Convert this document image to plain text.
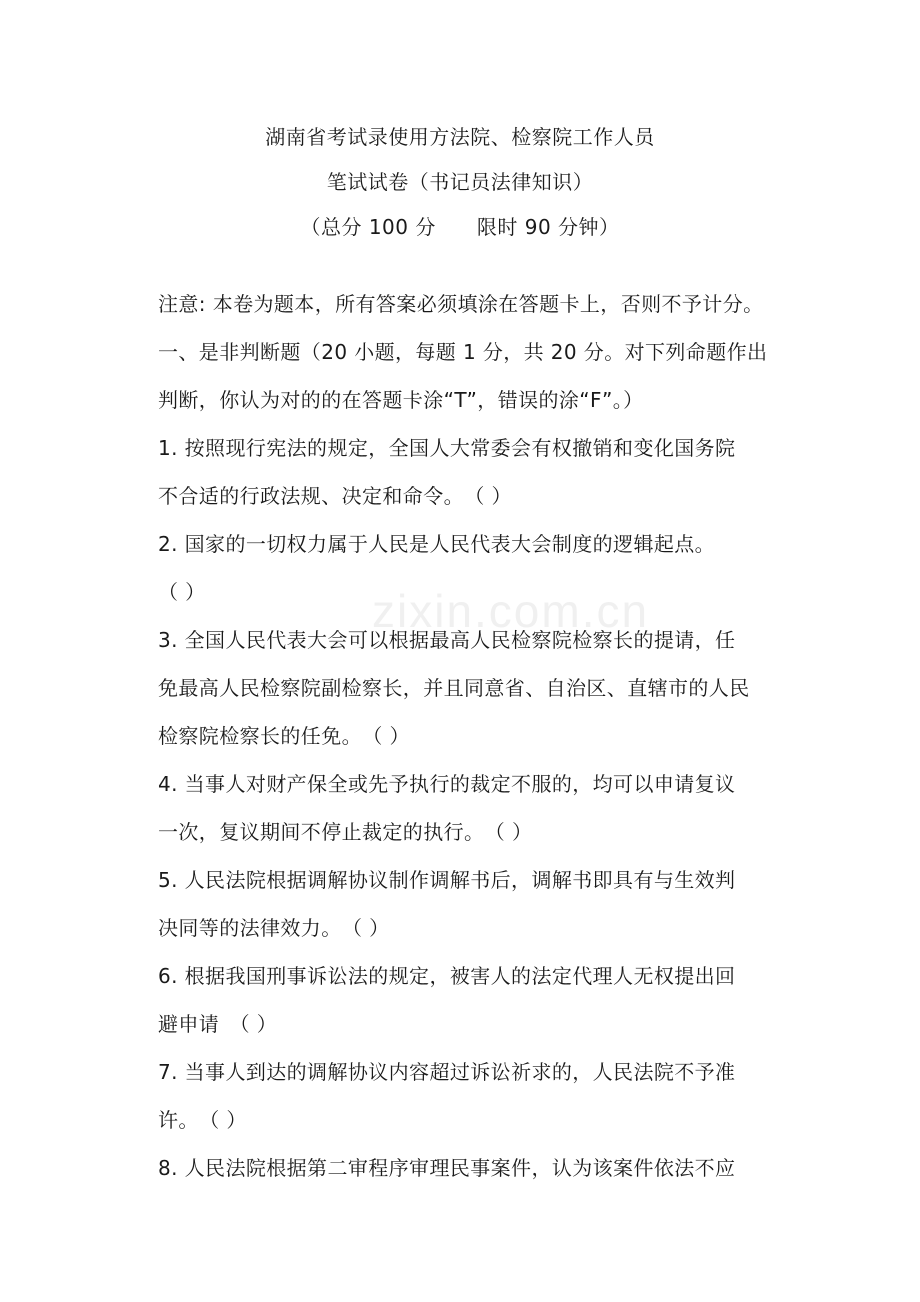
湖南省考试录使用方法院、检察院工作人员
笔试试卷（书记员法律知识）
（总分 100 分　　限时 90 分钟）
注意: 本卷为题本，所有答案必须填涂在答题卡上，否则不予计分。
一、是非判断题（20 小题，每题 1 分，共 20 分。对下列命题作出
判断，你认为对的的在答题卡涂“T”，错误的涂“F”。）
1. 按照现行宪法的规定，全国人大常委会有权撤销和变化国务院
不合适的行政法规、决定和命令。　（ ）
2. 国家的一切权力属于人民是人民代表大会制度的逻辑起点。
（ ）
3. 全国人民代表大会可以根据最高人民检察院检察长的提请，任
免最高人民检察院副检察长，并且同意省、自治区、直辖市的人民
检察院检察长的任免。　（ ）
4. 当事人对财产保全或先予执行的裁定不服的，均可以申请复议
一次，复议期间不停止裁定的执行。　（ ）
5. 人民法院根据调解协议制作调解书后，调解书即具有与生效判
决同等的法律效力。　（ ）
6. 根据我国刑事诉讼法的规定，被害人的法定代理人无权提出回
避申请　（ ）
7. 当事人到达的调解协议内容超过诉讼祈求的，人民法院不予准
许。　（ ）
8. 人民法院根据第二审程序审理民事案件，认为该案件依法不应
zixin.com.cn
